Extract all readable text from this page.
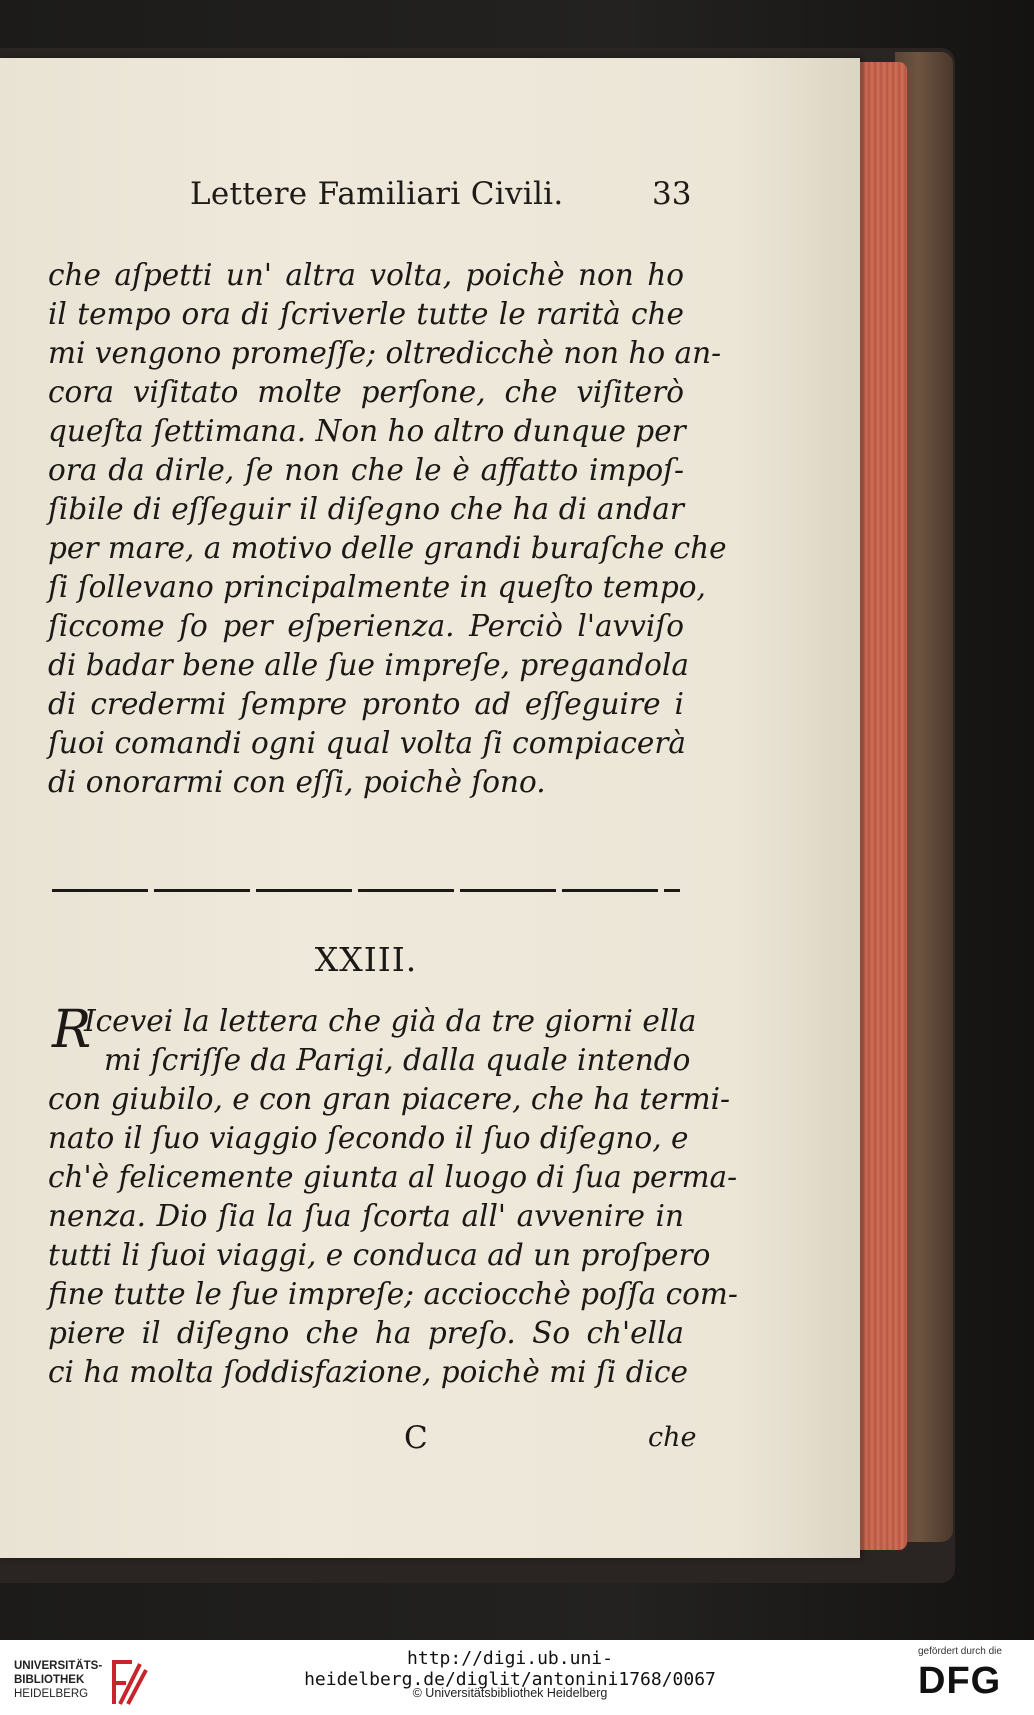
Lettere Familiari Civili.	33
che aſpetti un' altra volta, poichè non ho
il tempo ora di ſcriverle tutte le rarità che
mi vengono promeſſe; oltredicchè non ho an-
cora viſitato molte perſone, che viſiterò
queſta ſettimana. Non ho altro dunque per
ora da dirle, ſe non che le è affatto impoſ-
ſibile di eſſeguir il diſegno che ha di andar
per mare, a motivo delle grandi buraſche che
ſi ſollevano principalmente in queſto tempo,
ſiccome ſo per eſperienza. Perciò l'avviſo
di badar bene alle ſue impreſe, pregandola
di credermi ſempre pronto ad eſſeguire i
ſuoi comandi ogni qual volta ſi compiacerà
di onorarmi con eſſi, poichè ſono.
XXIII.
R
Icevei la lettera che già da tre giorni ella
mi ſcriſſe da Parigi, dalla quale intendo
con giubilo, e con gran piacere, che ha termi-
nato il ſuo viaggio ſecondo il ſuo diſegno, e
ch'è felicemente giunta al luogo di ſua perma-
nenza. Dio ſia la ſua ſcorta all' avvenire in
tutti li ſuoi viaggi, e conduca ad un proſpero
fine tutte le ſue impreſe; acciocchè poſſa com-
piere il diſegno che ha preſo. So ch'ella
ci ha molta ſoddisfazione, poichè mi ſi dice
C	che
UNIVERSITÄTS-
BIBLIOTHEK
HEIDELBERG
http://digi.ub.uni-heidelberg.de/diglit/antonini1768/0067
© Universitätsbibliothek Heidelberg
gefördert durch die
DFG
